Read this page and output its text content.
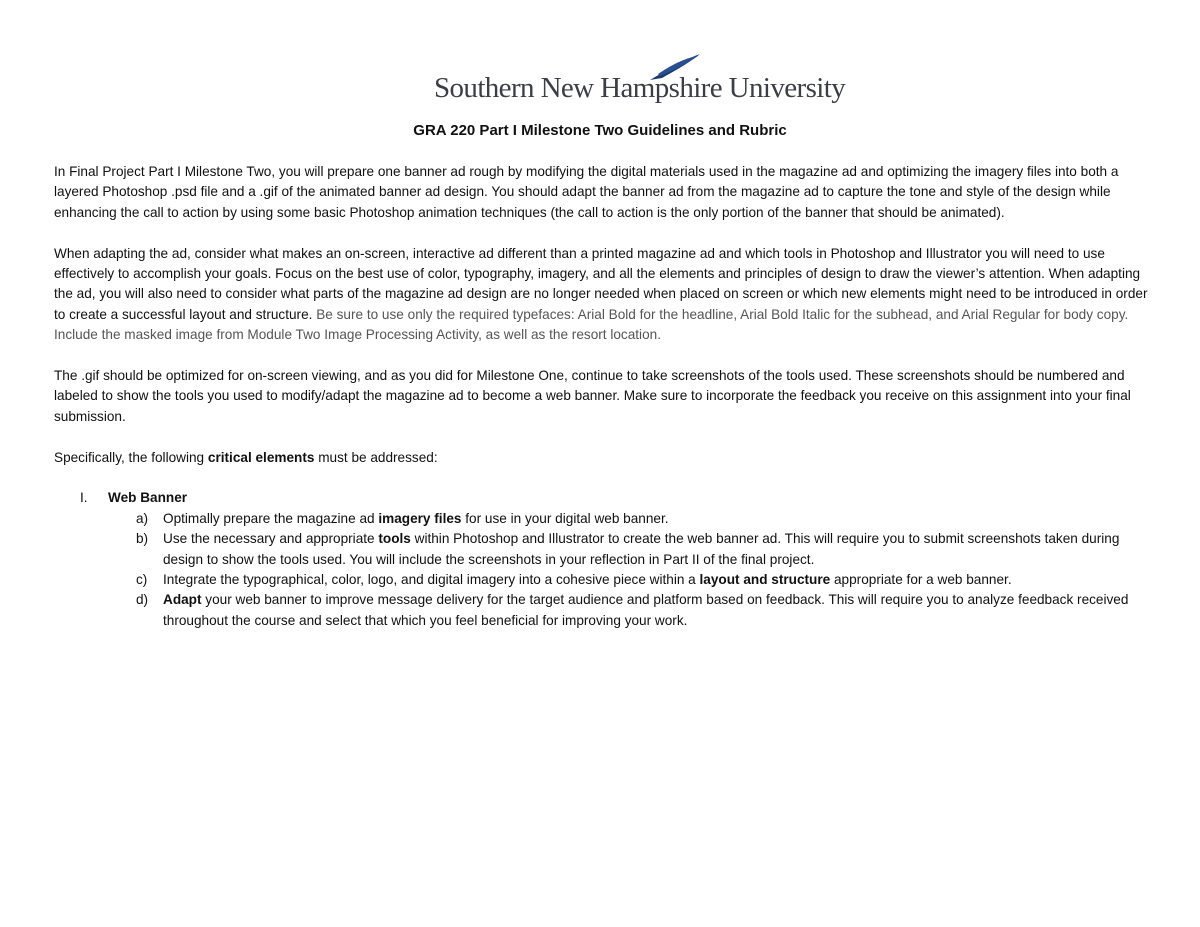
Southern New Hampshire University
GRA 220 Part I Milestone Two Guidelines and Rubric

In Final Project Part I Milestone Two, you will prepare one banner ad rough by modifying the digital materials used in the magazine ad and optimizing the imagery files into both a layered Photoshop .psd file and a .gif of the animated banner ad design. You should adapt the banner ad from the magazine ad to capture the tone and style of the design while enhancing the call to action by using some basic Photoshop animation techniques (the call to action is the only portion of the banner that should be animated).

When adapting the ad, consider what makes an on-screen, interactive ad different than a printed magazine ad and which tools in Photoshop and Illustrator you will need to use effectively to accomplish your goals. Focus on the best use of color, typography, imagery, and all the elements and principles of design to draw the viewer’s attention. When adapting the ad, you will also need to consider what parts of the magazine ad design are no longer needed when placed on screen or which new elements might need to be introduced in order to create a successful layout and structure. Be sure to use only the required typefaces: Arial Bold for the headline, Arial Bold Italic for the subhead, and Arial Regular for body copy. Include the masked image from Module Two Image Processing Activity, as well as the resort location.

The .gif should be optimized for on-screen viewing, and as you did for Milestone One, continue to take screenshots of the tools used. These screenshots should be numbered and labeled to show the tools you used to modify/adapt the magazine ad to become a web banner. Make sure to incorporate the feedback you receive on this assignment into your final submission.

Specifically, the following critical elements must be addressed:

I. Web Banner
a) Optimally prepare the magazine ad imagery files for use in your digital web banner.
b) Use the necessary and appropriate tools within Photoshop and Illustrator to create the web banner ad. This will require you to submit screenshots taken during design to show the tools used. You will include the screenshots in your reflection in Part II of the final project.
c) Integrate the typographical, color, logo, and digital imagery into a cohesive piece within a layout and structure appropriate for a web banner.
d) Adapt your web banner to improve message delivery for the target audience and platform based on feedback. This will require you to analyze feedback received throughout the course and select that which you feel beneficial for improving your work.
